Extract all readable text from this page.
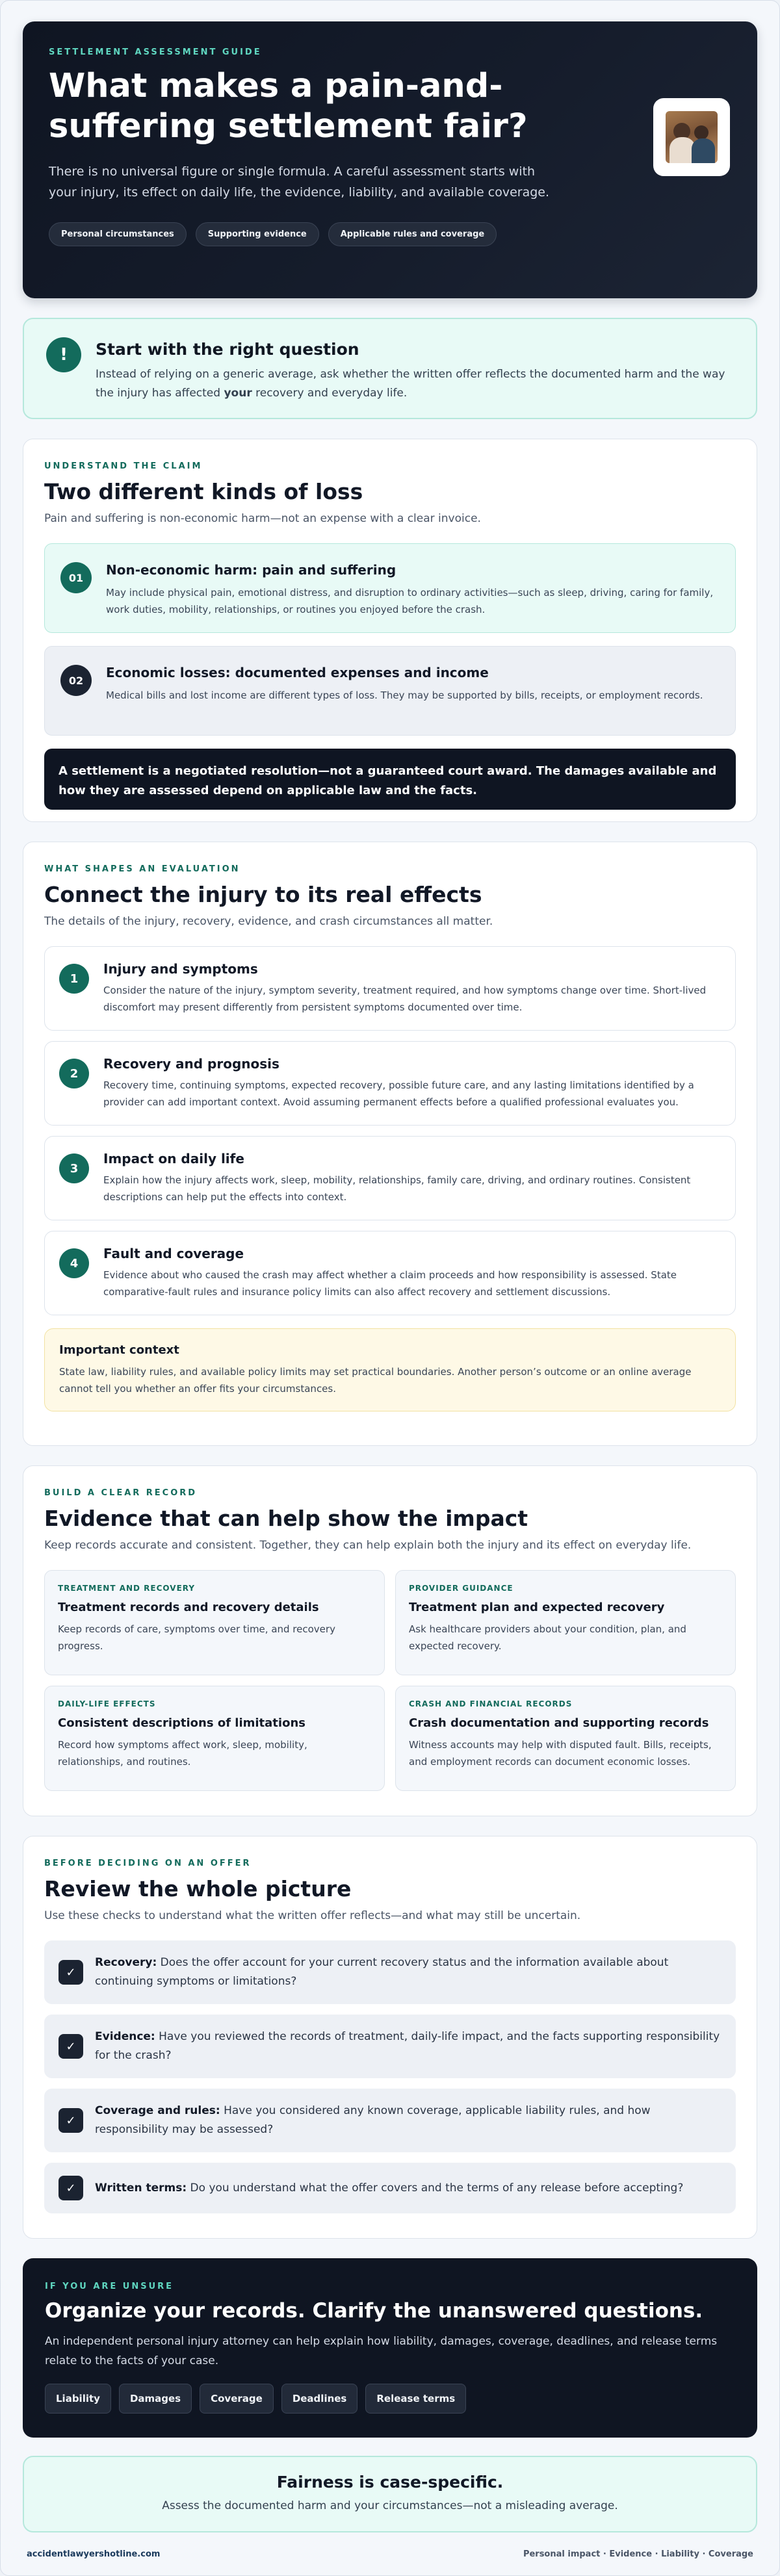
SETTLEMENT ASSESSMENT GUIDE
What makes a pain-and-suffering settlement fair?

There is no universal figure or single formula. A careful assessment starts with your injury, its effect on daily life, the evidence, liability, and available coverage.

Personal circumstances	Supporting evidence	Applicable rules and coverage
!	Start with the right question

Instead of relying on a generic average, ask whether the written offer reflects the documented harm and the way the injury has affected your recovery and everyday life.

UNDERSTAND THE CLAIM
Two different kinds of loss
Pain and suffering is non-economic harm—not an expense with a clear invoice.
01	Non-economic harm: pain and suffering

May include physical pain, emotional distress, and disruption to ordinary activities—such as sleep, driving, caring for family, work duties, mobility, relationships, or routines you enjoyed before the crash.

02	Economic losses: documented expenses and income

Medical bills and lost income are different types of loss. They may be supported by bills, receipts, or employment records.

A settlement is a negotiated resolution—not a guaranteed court award. The damages available and how they are assessed depend on applicable law and the facts.
WHAT SHAPES AN EVALUATION
Connect the injury to its real effects
The details of the injury, recovery, evidence, and crash circumstances all matter.
1
Injury and symptoms

Consider the nature of the injury, symptom severity, treatment required, and how symptoms change over time. Short-lived discomfort may present differently from persistent symptoms documented over time.

2
Recovery and prognosis

Recovery time, continuing symptoms, expected recovery, possible future care, and any lasting limitations identified by a provider can add important context. Avoid assuming permanent effects before a qualified professional evaluates you.

3
Impact on daily life

Explain how the injury affects work, sleep, mobility, relationships, family care, driving, and ordinary routines. Consistent descriptions can help put the effects into context.

4
Fault and coverage

Evidence about who caused the crash may affect whether a claim proceeds and how responsibility is assessed. State comparative-fault rules and insurance policy limits can also affect recovery and settlement discussions.

Important context

State law, liability rules, and available policy limits may set practical boundaries. Another person’s outcome or an online average cannot tell you whether an offer fits your circumstances.

BUILD A CLEAR RECORD
Evidence that can help show the impact
Keep records accurate and consistent. Together, they can help explain both the injury and its effect on everyday life.
TREATMENT AND RECOVERY
Treatment records and recovery details

Keep records of care, symptoms over time, and recovery progress.

PROVIDER GUIDANCE
Treatment plan and expected recovery

Ask healthcare providers about your condition, plan, and expected recovery.

DAILY-LIFE EFFECTS
Consistent descriptions of limitations

Record how symptoms affect work, sleep, mobility, relationships, and routines.

CRASH AND FINANCIAL RECORDS
Crash documentation and supporting records

Witness accounts may help with disputed fault. Bills, receipts, and employment records can document economic losses.

BEFORE DECIDING ON AN OFFER
Review the whole picture
Use these checks to understand what the written offer reflects—and what may still be uncertain.
✓

Recovery: Does the offer account for your current recovery status and the information available about continuing symptoms or limitations?

✓

Evidence: Have you reviewed the records of treatment, daily-life impact, and the facts supporting responsibility for the crash?

✓

Coverage and rules: Have you considered any known coverage, applicable liability rules, and how responsibility may be assessed?

✓	Written terms: Do you understand what the offer covers and the terms of any release before accepting?

IF YOU ARE UNSURE
Organize your records. Clarify the unanswered questions.

An independent personal injury attorney can help explain how liability, damages, coverage, deadlines, and release terms relate to the facts of your case.

Liability	Damages	Coverage	Deadlines	Release terms
Fairness is case-specific.

Assess the documented harm and your circumstances—not a misleading average.

accidentlawyershotline.com	Personal impact · Evidence · Liability · Coverage
